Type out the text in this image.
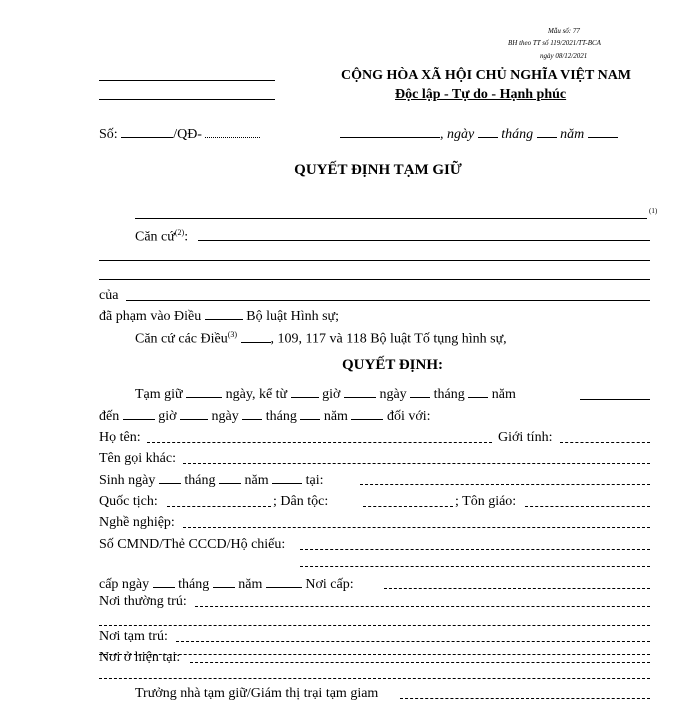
Mẫu số: 77
BH theo TT số 119/2021/TT-BCA
ngày 08/12/2021
CỘNG HÒA XÃ HỘI CHỦ NGHĨA VIỆT NAM
Độc lập - Tự do - Hạnh phúc
Số:	/QĐ-	, ngày tháng năm
QUYẾT ĐỊNH TẠM GIỮ
(1)
Căn cứ$^{(2)}$:
của
đã phạm vào Điều	Bộ luật Hình sự;
Căn cứ các Điều$^{(3)}$ , 109, 117 và 118 Bộ luật Tố tụng hình sự,
QUYẾT ĐỊNH:
Tạm giữ	ngày, kể từ	giờ	ngày tháng năm
đến	giờ	ngày tháng năm	đối với:
Họ tên:	Giới tính:
Tên gọi khác:
Sinh ngày tháng năm	tại:
Quốc tịch:	; Dân tộc:	; Tôn giáo:
Nghề nghiệp:
Số CMND/Thẻ CCCD/Hộ chiếu:
cấp ngày tháng năm	Nơi cấp:
Nơi thường trú:
Nơi tạm trú:
Nơi ở hiện tại:
Trưởng nhà tạm giữ/Giám thị trại tạm giam
